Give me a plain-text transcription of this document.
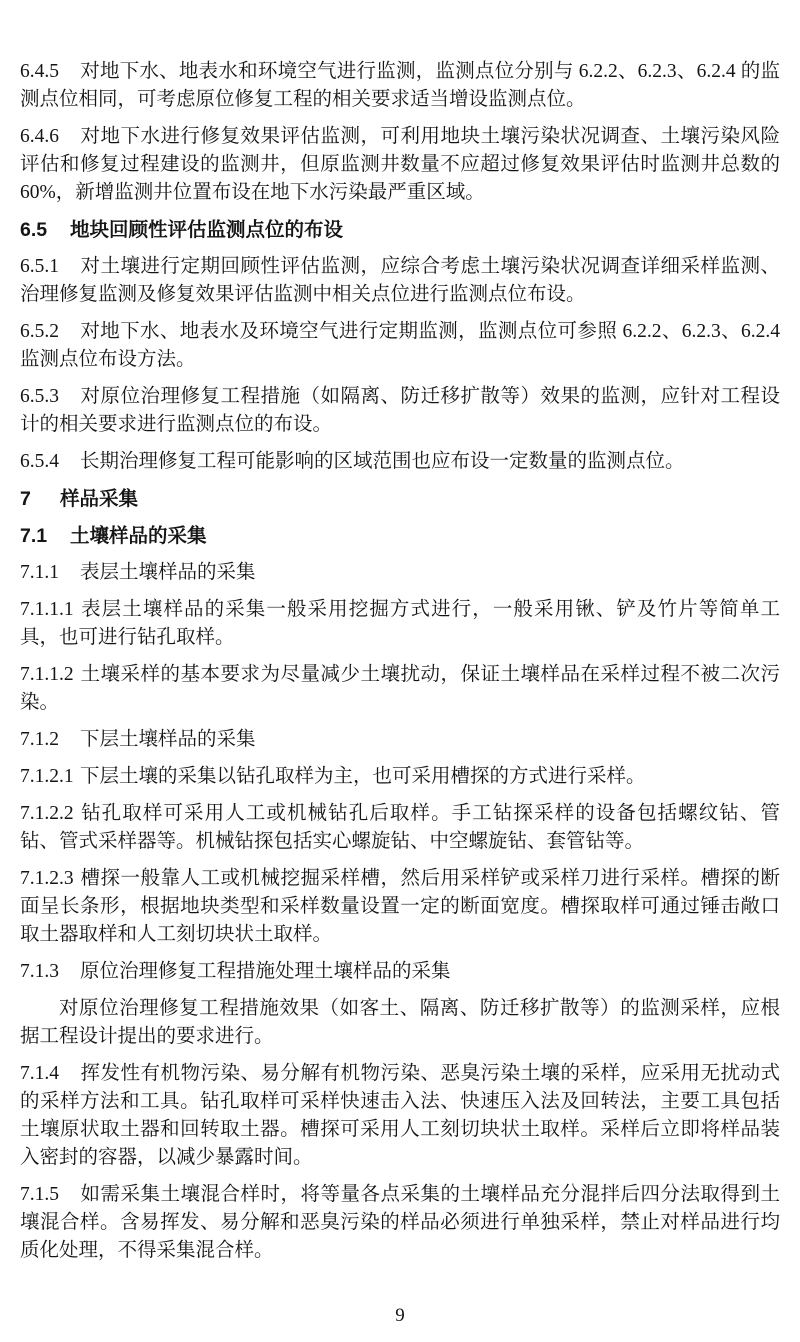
6.4.5 对地下水、地表水和环境空气进行监测，监测点位分别与 6.2.2、6.2.3、6.2.4 的监测点位相同，可考虑原位修复工程的相关要求适当增设监测点位。

6.4.6 对地下水进行修复效果评估监测，可利用地块土壤污染状况调查、土壤污染风险评估和修复过程建设的监测井，但原监测井数量不应超过修复效果评估时监测井总数的60%，新增监测井位置布设在地下水污染最严重区域。

6.5 地块回顾性评估监测点位的布设

6.5.1 对土壤进行定期回顾性评估监测，应综合考虑土壤污染状况调查详细采样监测、治理修复监测及修复效果评估监测中相关点位进行监测点位布设。

6.5.2 对地下水、地表水及环境空气进行定期监测，监测点位可参照 6.2.2、6.2.3、6.2.4 监测点位布设方法。

6.5.3 对原位治理修复工程措施（如隔离、防迁移扩散等）效果的监测，应针对工程设计的相关要求进行监测点位的布设。

6.5.4 长期治理修复工程可能影响的区域范围也应布设一定数量的监测点位。

7 样品采集

7.1 土壤样品的采集

7.1.1 表层土壤样品的采集

7.1.1.1 表层土壤样品的采集一般采用挖掘方式进行，一般采用锹、铲及竹片等简单工具，也可进行钻孔取样。

7.1.1.2 土壤采样的基本要求为尽量减少土壤扰动，保证土壤样品在采样过程不被二次污染。

7.1.2 下层土壤样品的采集

7.1.2.1 下层土壤的采集以钻孔取样为主，也可采用槽探的方式进行采样。

7.1.2.2 钻孔取样可采用人工或机械钻孔后取样。手工钻探采样的设备包括螺纹钻、管钻、管式采样器等。机械钻探包括实心螺旋钻、中空螺旋钻、套管钻等。

7.1.2.3 槽探一般靠人工或机械挖掘采样槽，然后用采样铲或采样刀进行采样。槽探的断面呈长条形，根据地块类型和采样数量设置一定的断面宽度。槽探取样可通过锤击敞口取土器取样和人工刻切块状土取样。

7.1.3 原位治理修复工程措施处理土壤样品的采集

对原位治理修复工程措施效果（如客土、隔离、防迁移扩散等）的监测采样，应根据工程设计提出的要求进行。

7.1.4 挥发性有机物污染、易分解有机物污染、恶臭污染土壤的采样，应采用无扰动式的采样方法和工具。钻孔取样可采样快速击入法、快速压入法及回转法，主要工具包括土壤原状取土器和回转取土器。槽探可采用人工刻切块状土取样。采样后立即将样品装入密封的容器，以减少暴露时间。

7.1.5 如需采集土壤混合样时，将等量各点采集的土壤样品充分混拌后四分法取得到土壤混合样。含易挥发、易分解和恶臭污染的样品必须进行单独采样，禁止对样品进行均质化处理，不得采集混合样。

9
